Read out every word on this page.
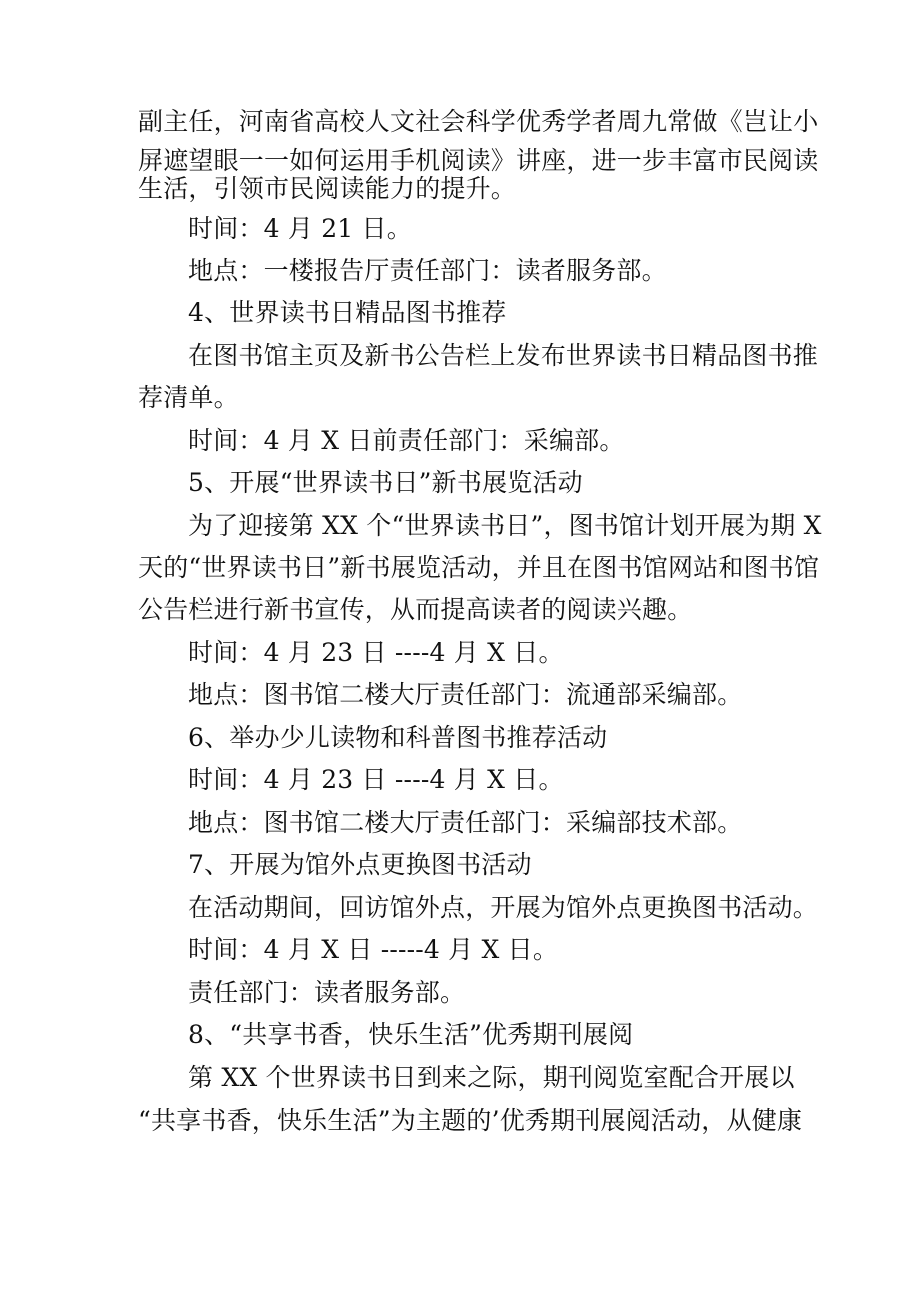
副主任，河南省高校人文社会科学优秀学者周九常做《岂让小
屏遮望眼一一如何运用手机阅读》讲座，进一步丰富市民阅读
生活，引领市民阅读能力的提升。
时间：4 月 21 日。
地点：一楼报告厅责任部门：读者服务部。
4、世界读书日精品图书推荐
在图书馆主页及新书公告栏上发布世界读书日精品图书推
荐清单。
时间：4 月 X 日前责任部门：采编部。
5、开展“世界读书日”新书展览活动
为了迎接第 XX 个“世界读书日”，图书馆计划开展为期 X
天的“世界读书日”新书展览活动，并且在图书馆网站和图书馆
公告栏进行新书宣传，从而提高读者的阅读兴趣。
时间：4 月 23 日 ----4 月 X 日。
地点：图书馆二楼大厅责任部门：流通部采编部。
6、举办少儿读物和科普图书推荐活动
时间：4 月 23 日 ----4 月 X 日。
地点：图书馆二楼大厅责任部门：采编部技术部。
7、开展为馆外点更换图书活动
在活动期间，回访馆外点，开展为馆外点更换图书活动。
时间：4 月 X 日 -----4 月 X 日。
责任部门：读者服务部。
8、“共享书香，快乐生活”优秀期刊展阅
第 XX 个世界读书日到来之际，期刊阅览室配合开展以
“共享书香，快乐生活”为主题的’优秀期刊展阅活动，从健康
